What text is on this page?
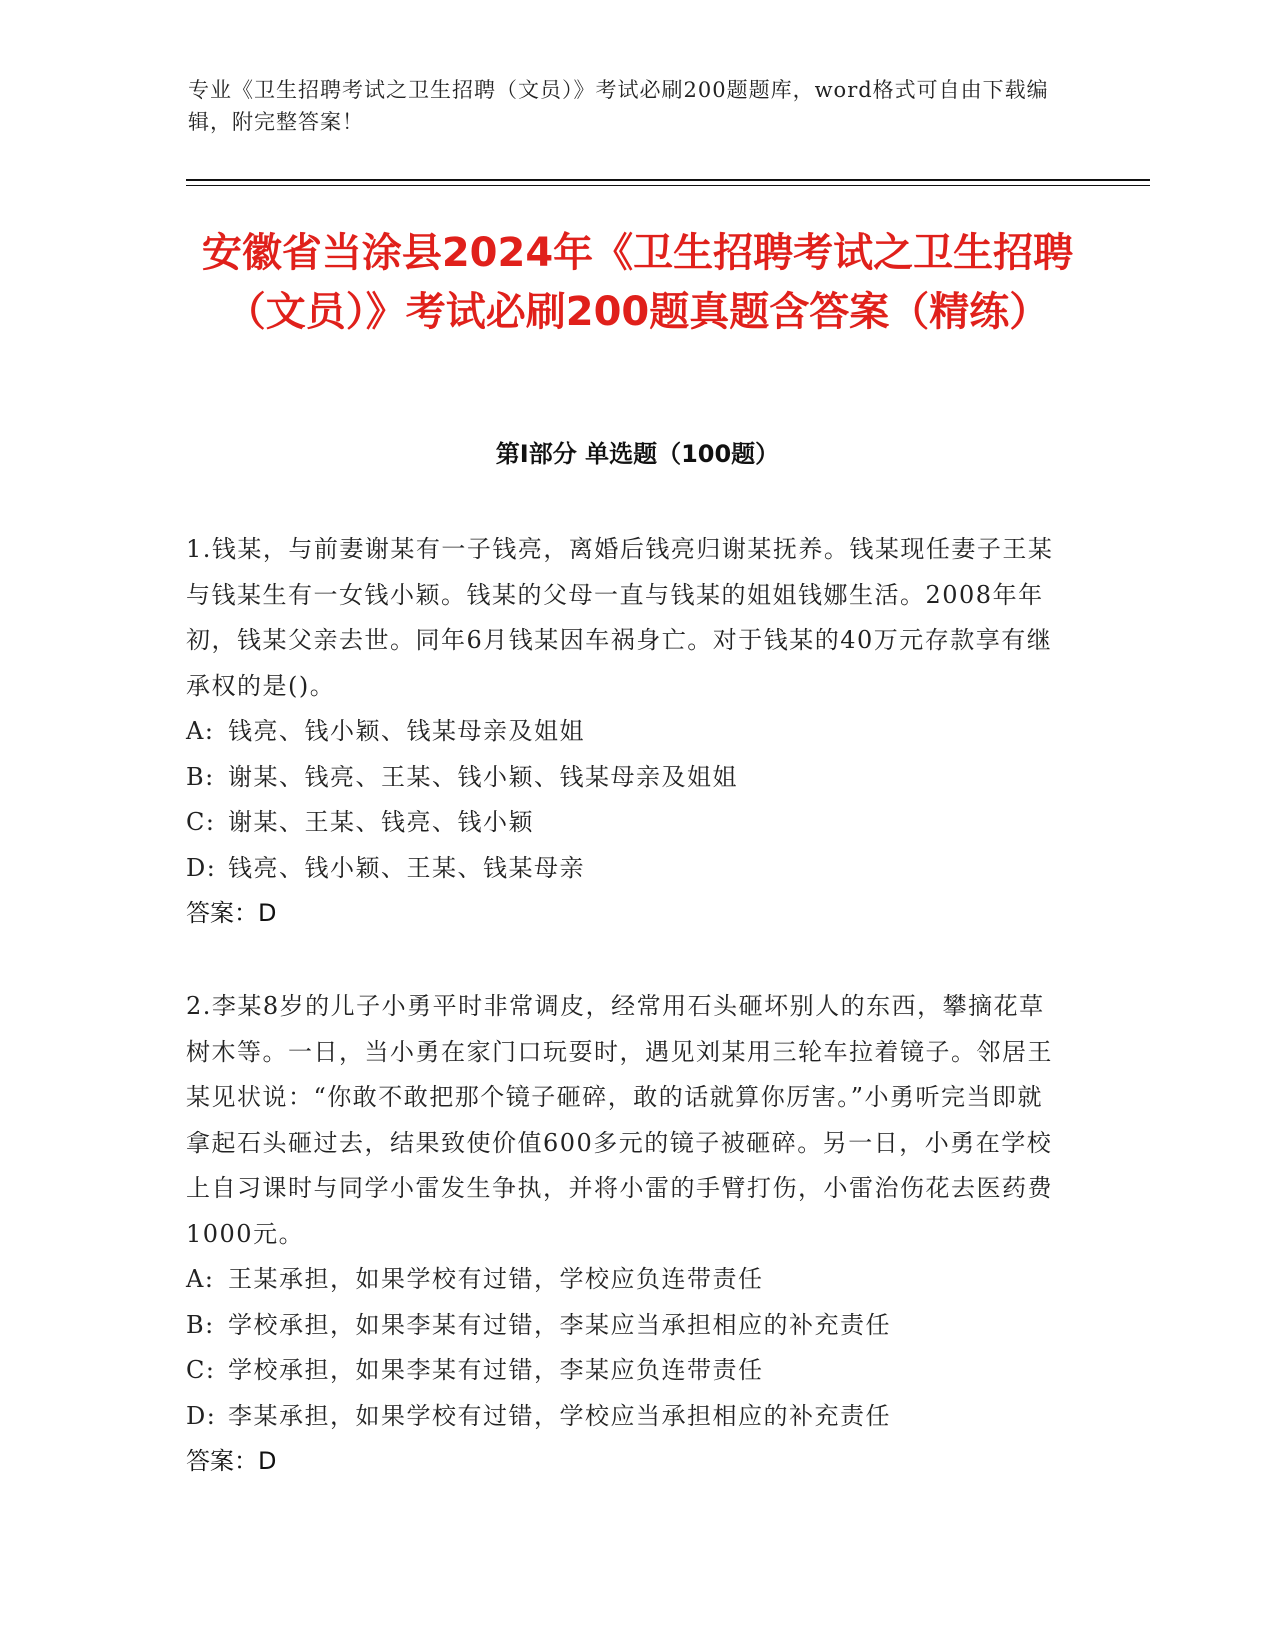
专业《卫生招聘考试之卫生招聘（文员）》考试必刷200题题库，word格式可自由下载编辑，附完整答案！
安徽省当涂县2024年《卫生招聘考试之卫生招聘（文员）》考试必刷200题真题含答案（精练）
第Ⅰ部分 单选题（100题）
1.钱某，与前妻谢某有一子钱亮，离婚后钱亮归谢某抚养。钱某现任妻子王某与钱某生有一女钱小颖。钱某的父母一直与钱某的姐姐钱娜生活。2008年年初，钱某父亲去世。同年6月钱某因车祸身亡。对于钱某的40万元存款享有继承权的是()。
A: 钱亮、钱小颖、钱某母亲及姐姐
B: 谢某、钱亮、王某、钱小颖、钱某母亲及姐姐
C: 谢某、王某、钱亮、钱小颖
D: 钱亮、钱小颖、王某、钱某母亲
答案：D
2.李某8岁的儿子小勇平时非常调皮，经常用石头砸坏别人的东西，攀摘花草树木等。一日，当小勇在家门口玩耍时，遇见刘某用三轮车拉着镜子。邻居王某见状说：“你敢不敢把那个镜子砸碎，敢的话就算你厉害。”小勇听完当即就拿起石头砸过去，结果致使价值600多元的镜子被砸碎。另一日，小勇在学校上自习课时与同学小雷发生争执，并将小雷的手臂打伤，小雷治伤花去医药费1000元。
A: 王某承担，如果学校有过错，学校应负连带责任
B: 学校承担，如果李某有过错，李某应当承担相应的补充责任
C: 学校承担，如果李某有过错，李某应负连带责任
D: 李某承担，如果学校有过错，学校应当承担相应的补充责任
答案：D
